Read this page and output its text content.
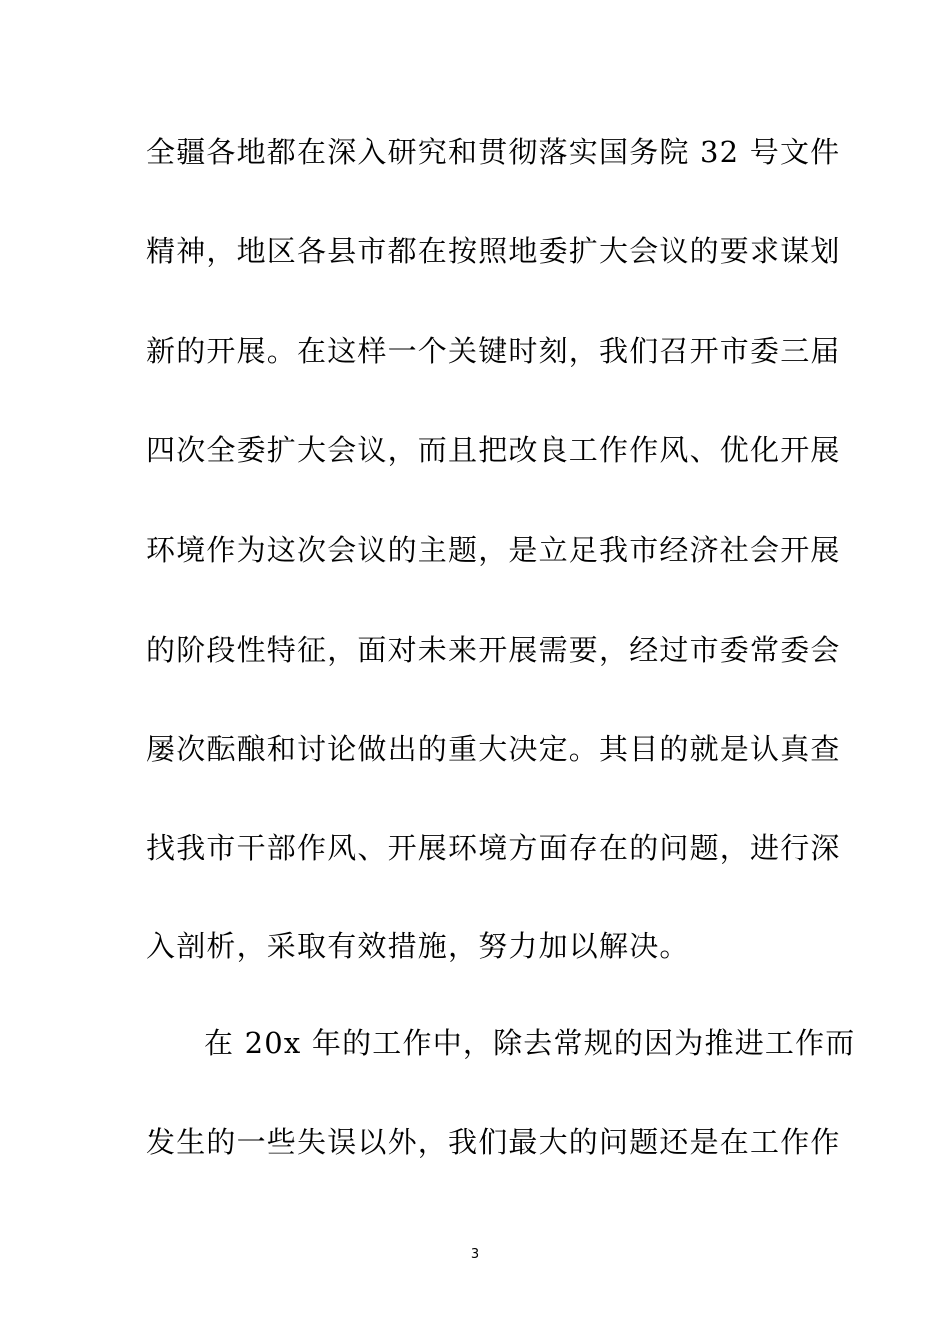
全疆各地都在深入研究和贯彻落实国务院 32 号文件
精神，地区各县市都在按照地委扩大会议的要求谋划
新的开展。在这样一个关键时刻，我们召开市委三届
四次全委扩大会议，而且把改良工作作风、优化开展
环境作为这次会议的主题，是立足我市经济社会开展
的阶段性特征，面对未来开展需要，经过市委常委会
屡次酝酿和讨论做出的重大决定。其目的就是认真查
找我市干部作风、开展环境方面存在的问题，进行深
入剖析，采取有效措施，努力加以解决。
在 20x 年的工作中，除去常规的因为推进工作而
发生的一些失误以外，我们最大的问题还是在工作作
3
